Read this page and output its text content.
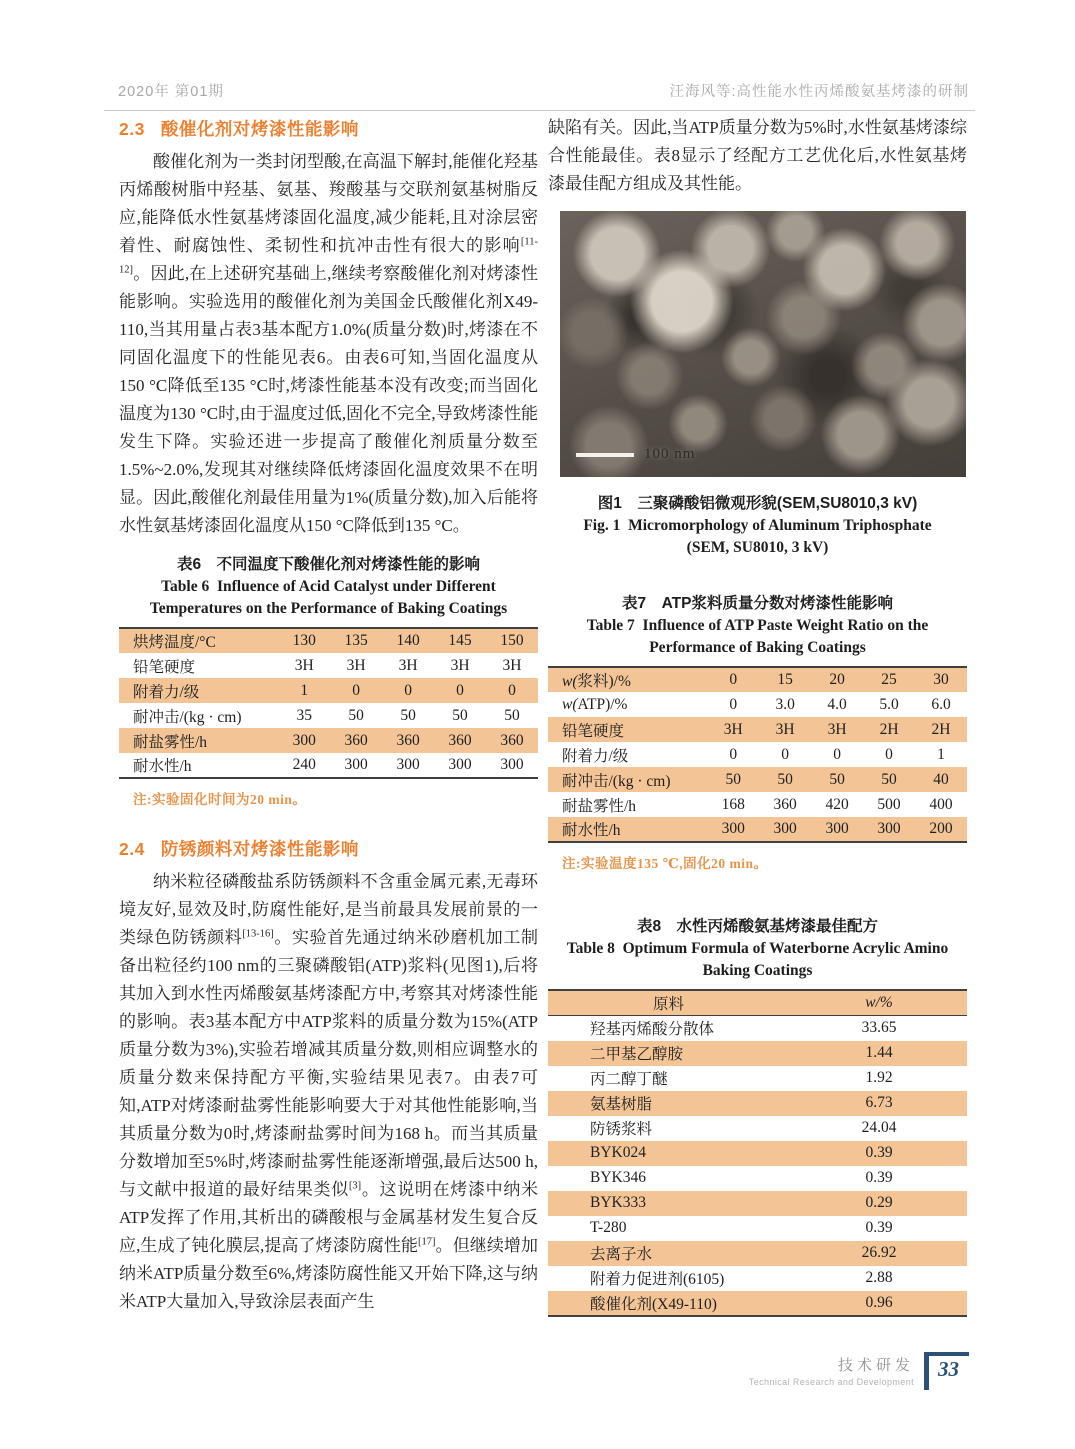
2020年 第01期	汪海风等:高性能水性丙烯酸氨基烤漆的研制
2.3 酸催化剂对烤漆性能影响

酸催化剂为一类封闭型酸,在高温下解封,能催化羟基丙烯酸树脂中羟基、氨基、羧酸基与交联剂氨基树脂反应,能降低水性氨基烤漆固化温度,减少能耗,且对涂层密着性、耐腐蚀性、柔韧性和抗冲击性有很大的影响[11-12]。因此,在上述研究基础上,继续考察酸催化剂对烤漆性能影响。实验选用的酸催化剂为美国金氏酸催化剂X49-110,当其用量占表3基本配方1.0%(质量分数)时,烤漆在不同固化温度下的性能见表6。由表6可知,当固化温度从150 °C降低至135 °C时,烤漆性能基本没有改变;而当固化温度为130 °C时,由于温度过低,固化不完全,导致烤漆性能发生下降。实验还进一步提高了酸催化剂质量分数至1.5%~2.0%,发现其对继续降低烤漆固化温度效果不在明显。因此,酸催化剂最佳用量为1%(质量分数),加入后能将水性氨基烤漆固化温度从150 °C降低到135 °C。

表6　不同温度下酸催化剂对烤漆性能的影响
Table 6  Influence of Acid Catalyst under Different
Temperatures on the Performance of Baking Coatings
烘烤温度/°C	130	135	140	145	150
铅笔硬度	3H	3H	3H	3H	3H
附着力/级	1	0	0	0	0
耐冲击/(kg · cm)	35	50	50	50	50
耐盐雾性/h	300	360	360	360	360
耐水性/h	240	300	300	300	300
注:实验固化时间为20 min。
2.4 防锈颜料对烤漆性能影响

纳米粒径磷酸盐系防锈颜料不含重金属元素,无毒环境友好,显效及时,防腐性能好,是当前最具发展前景的一类绿色防锈颜料[13-16]。实验首先通过纳米砂磨机加工制备出粒径约100 nm的三聚磷酸铝(ATP)浆料(见图1),后将其加入到水性丙烯酸氨基烤漆配方中,考察其对烤漆性能的影响。表3基本配方中ATP浆料的质量分数为15%(ATP质量分数为3%),实验若增减其质量分数,则相应调整水的质量分数来保持配方平衡,实验结果见表7。由表7可知,ATP对烤漆耐盐雾性能影响要大于对其他性能影响,当其质量分数为0时,烤漆耐盐雾时间为168 h。而当其质量分数增加至5%时,烤漆耐盐雾性能逐渐增强,最后达500 h,与文献中报道的最好结果类似[3]。这说明在烤漆中纳米ATP发挥了作用,其析出的磷酸根与金属基材发生复合反应,生成了钝化膜层,提高了烤漆防腐性能[17]。但继续增加纳米ATP质量分数至6%,烤漆防腐性能又开始下降,这与纳米ATP大量加入,导致涂层表面产生

缺陷有关。因此,当ATP质量分数为5%时,水性氨基烤漆综合性能最佳。表8显示了经配方工艺优化后,水性氨基烤漆最佳配方组成及其性能。

100 nm
图1　三聚磷酸铝微观形貌(SEM,SU8010,3 kV)
Fig. 1  Micromorphology of Aluminum Triphosphate
(SEM, SU8010, 3 kV)
表7　ATP浆料质量分数对烤漆性能影响
Table 7  Influence of ATP Paste Weight Ratio on the
Performance of Baking Coatings
w(浆料)/%	0	15	20	25	30
w(ATP)/%	0	3.0	4.0	5.0	6.0
铅笔硬度	3H	3H	3H	2H	2H
附着力/级	0	0	0	0	1
耐冲击/(kg · cm)	50	50	50	50	40
耐盐雾性/h	168	360	420	500	400
耐水性/h	300	300	300	300	200
注:实验温度135 ℃,固化20 min。
表8　水性丙烯酸氨基烤漆最佳配方
Table 8  Optimum Formula of Waterborne Acrylic Amino
Baking Coatings
原料	w/%
羟基丙烯酸分散体	33.65
二甲基乙醇胺	1.44
丙二醇丁醚	1.92
氨基树脂	6.73
防锈浆料	24.04
BYK024	0.39
BYK346	0.39
BYK333	0.29
T-280	0.39
去离子水	26.92
附着力促进剂(6105)	2.88
酸催化剂(X49-110)	0.96
技术研发
Technical Research and Development
33
